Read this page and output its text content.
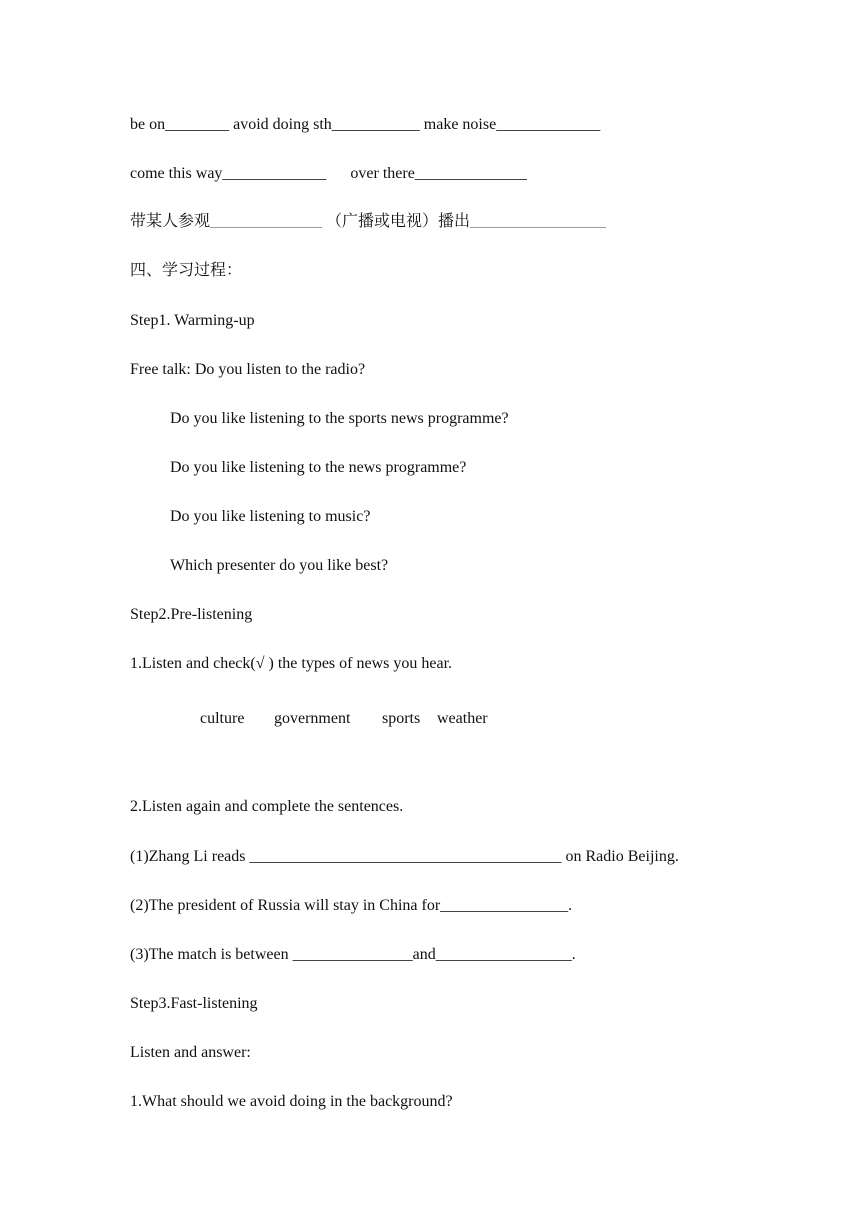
be on________ avoid doing sth___________ make noise_____________
come this way_____________ over there______________
带某人参观______________ （广播或电视）播出_________________
四、学习过程：
Step1. Warming-up
Free talk: Do you listen to the radio?
Do you like listening to the sports news programme?
Do you like listening to the news programme?
Do you like listening to music?
Which presenter do you like best?
Step2.Pre-listening
1.Listen and check(√ ) the types of news you hear.
culture government sports weather
2.Listen again and complete the sentences.
(1)Zhang Li reads _______________________________________ on Radio Beijing.
(2)The president of Russia will stay in China for________________.
(3)The match is between _______________and_________________.
Step3.Fast-listening
Listen and answer:
1.What should we avoid doing in the background?
